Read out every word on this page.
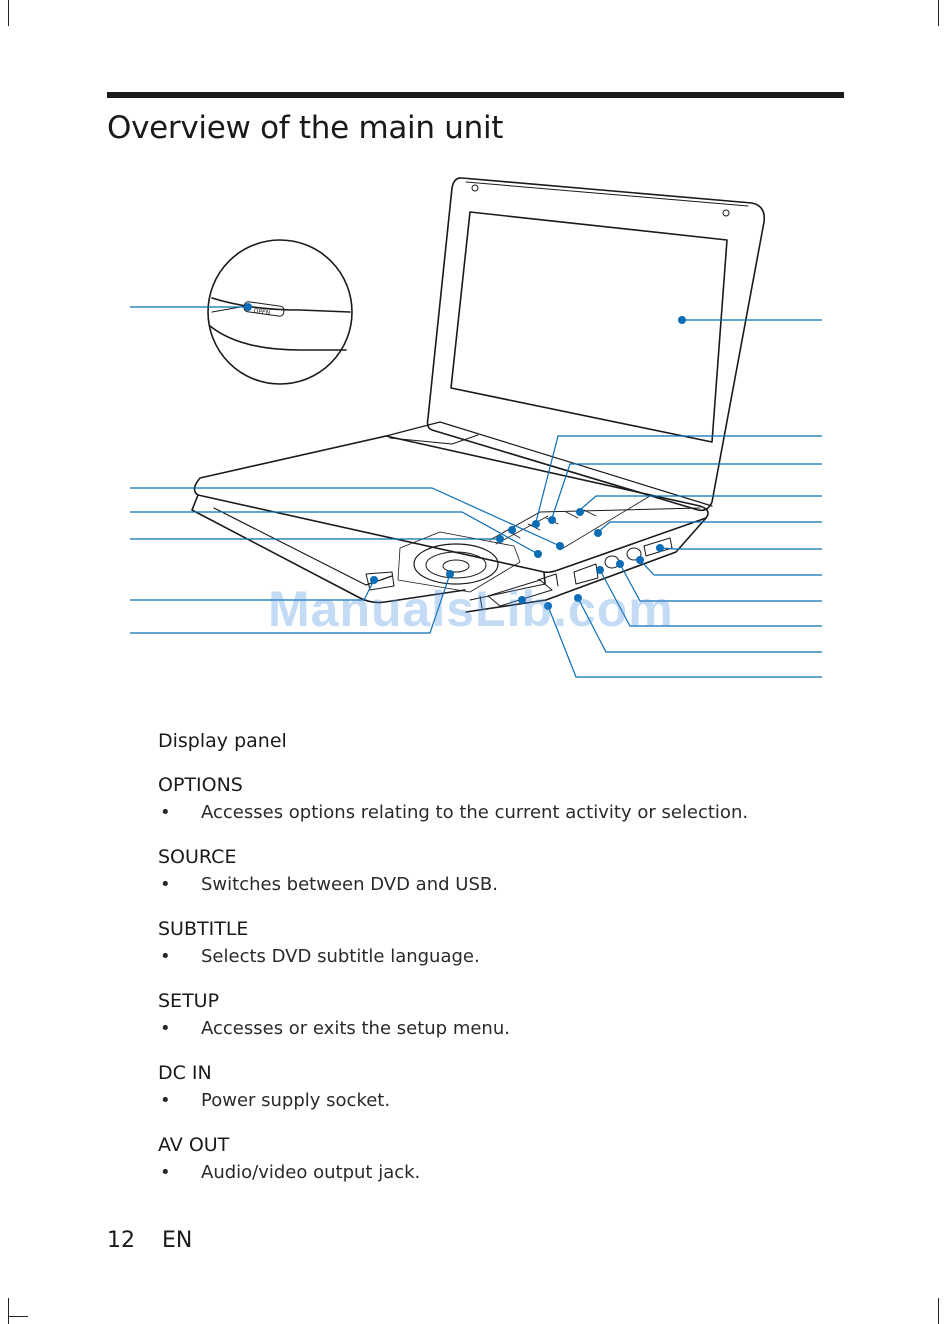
Overview of the main unit
OPEN
ManualsLib.com
Display panel
OPTIONS
• Accesses options relating to the current activity or selection.
SOURCE
• Switches between DVD and USB.
SUBTITLE
• Selects DVD subtitle language.
SETUP
• Accesses or exits the setup menu.
DC IN
• Power supply socket.
AV OUT
• Audio/video output jack.
12 EN
